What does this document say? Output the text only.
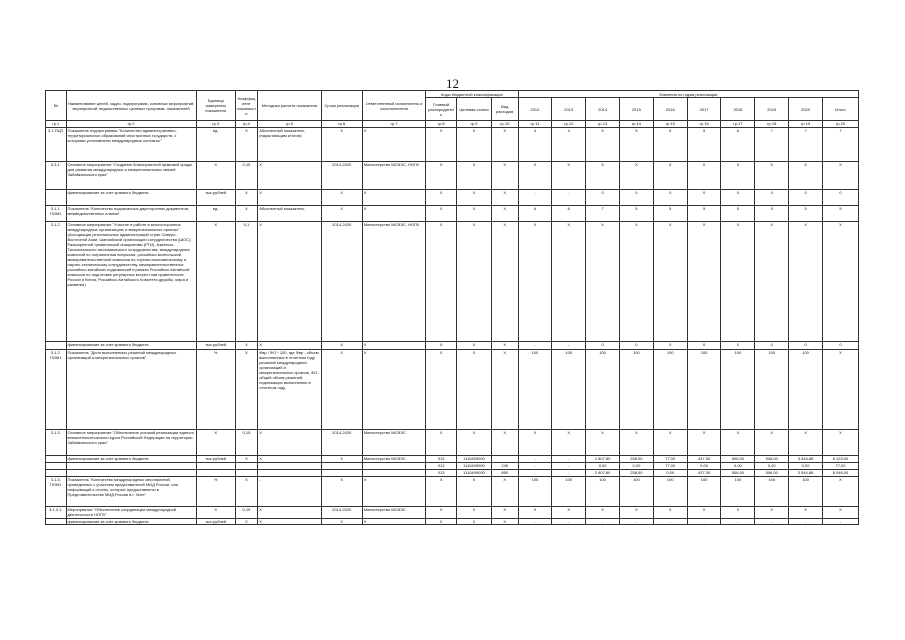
12
№	Наименование целей, задач, подпрограмм, основных мероприятий, мероприятий, ведомственных целевых программ, показателей	Единица измерения показателя	Коэффициент значимости	Методика расчета показателя	Сроки реализации	Ответственный исполнитель и соисполнители	Коды бюджетной классификации			Значения по годам реализации									
							Главный распорядитель	Целевая статья	Вид расходов	2012	2013	2014	2015	2016	2017	2018	2019	2020	Итого
гр.1	гр.2	гр.3	гр.4	гр.5	гр.6	гр.7	гр.8	гр.9	гр.10	гр.11	гр.12	гр.13	гр.14	гр.15	гр.16	гр.17	гр.18	гр.19	гр.20
3.1.ПЦП	Показатель подпрограммы "Количество административно-территориальных образований иностранных государств, с которыми установлены международные контакты"	ед.	X	Абсолютный показатель (нарастающим итогом)	X	X	X	X	X	4	4	5	5	5	5	6	7	7	7
3.3.1.	Основное мероприятие "Создание благоприятной правовой среды для развития международных и межрегиональных связей Забайкальского края"	X	0,15	X	2014-2020	Министерство МСВЭС, НОГВ	X	X	X	X	X	X	X	X	X	X	X	X	X
	финансирование за счет краевого бюджета	тыс.рублей	X	X	X	X	X	X	X	-	-	0	0	0	0	0	0	0	0
3.1.1. ПОМ1	Показатель "Количество подписанных двусторонних документов, межведомственных планов"	ед.	X	Абсолютный показатель	X	X	X	X	X	6	6	7	5	5	5	5	5	5	5
3.1.2.	Основное мероприятие "Участие в работе в многосторонних международных организациях и межрегиональных органах" (Ассоциация региональных администраций стран Северо-Восточной Азии, Шанхайской организации сотрудничества (ШОС), Расширенной туманганской инициативы (РТИ), Азиатско-Тихоокеанского экономического сотрудничества, международных комиссий по пограничным вопросам, российско-монгольской межправительственной комиссии по торгово-экономическому и научно-техническому сотрудничеству, межправительственных российско-китайских подкомиссий в рамках Российско-Китайской комиссии по подготовке регулярных встреч глав правительств России и Китая, Российско-Китайского Комитета дружбы, мира и развития)	X	0,1	X	2014-2020	Министерство МСВЭС, НОГВ	X	X	X	X	X	X	X	X	X	X	X	X	X
	финансирование за счет краевого бюджета	тыс.рублей	X	X	X	X	X	X	X	-	-	0	0	0	0	0	0	0	0
3.1.2. ПОМ1	Показатель "Доля выполненных решений международных организаций и межрегиональных органов"	%	X	Фвр / ФО * 100, где Фвр - объем выполненных в отчетном году решений международных организаций и межрегиональных органов, ФО - общий объем решений, подлежащих выполнению в отчетном году	X	X	X	X	X	100	100	100	100	100	100	100	100	100	X
3.1.3.	Основное мероприятие "Обеспечение условий реализации единого внешнеполитического курса Российской Федерации на территории Забайкальского края"	X	0,15	X	2014-2020	Министерство МСВЭС	X	X	X	X	X	X	X	X	X	X	X	X	X
	финансирование за счет краевого бюджета	тыс.рублей	X	X	X	Министерство МСВЭС	013	1110499000		-	-	2 807,80	258,50	77,00	437,30	506,00	506,00	3 544,88	8 123,00
							013	1110499000	240	-	-	0,00	0,00	77,00	0,00	0,00	0,00	0,00	77,00
							013	1110499000	850	-	-	2 807,80	258,50	0,00	437,30	506,00	506,00	3 544,88	8 046,00
3.1.3. ПОМ1	Показатель "Количество международных мероприятий, проведенных с участием представителей МИД России, или информаций к отчеты, которые предоставлены в Представительство МИД России в г. Чите"	%	X	-	X	X	X	X	X	100	100	100	100	100	100	100	100	100	X
3.1.3.1.	Мероприятие "Обеспечение координации международной деятельности НОГВ"	X	0,15	X	2014-2020	Министерство МСВЭС	X	X	X	X	X	X	X	X	X	X	X	X	X
	финансирование за счет краевого бюджета	тыс.рублей	X	X	X	X	X	X	X	-	-	-	-	-	-	-	-	-	-
